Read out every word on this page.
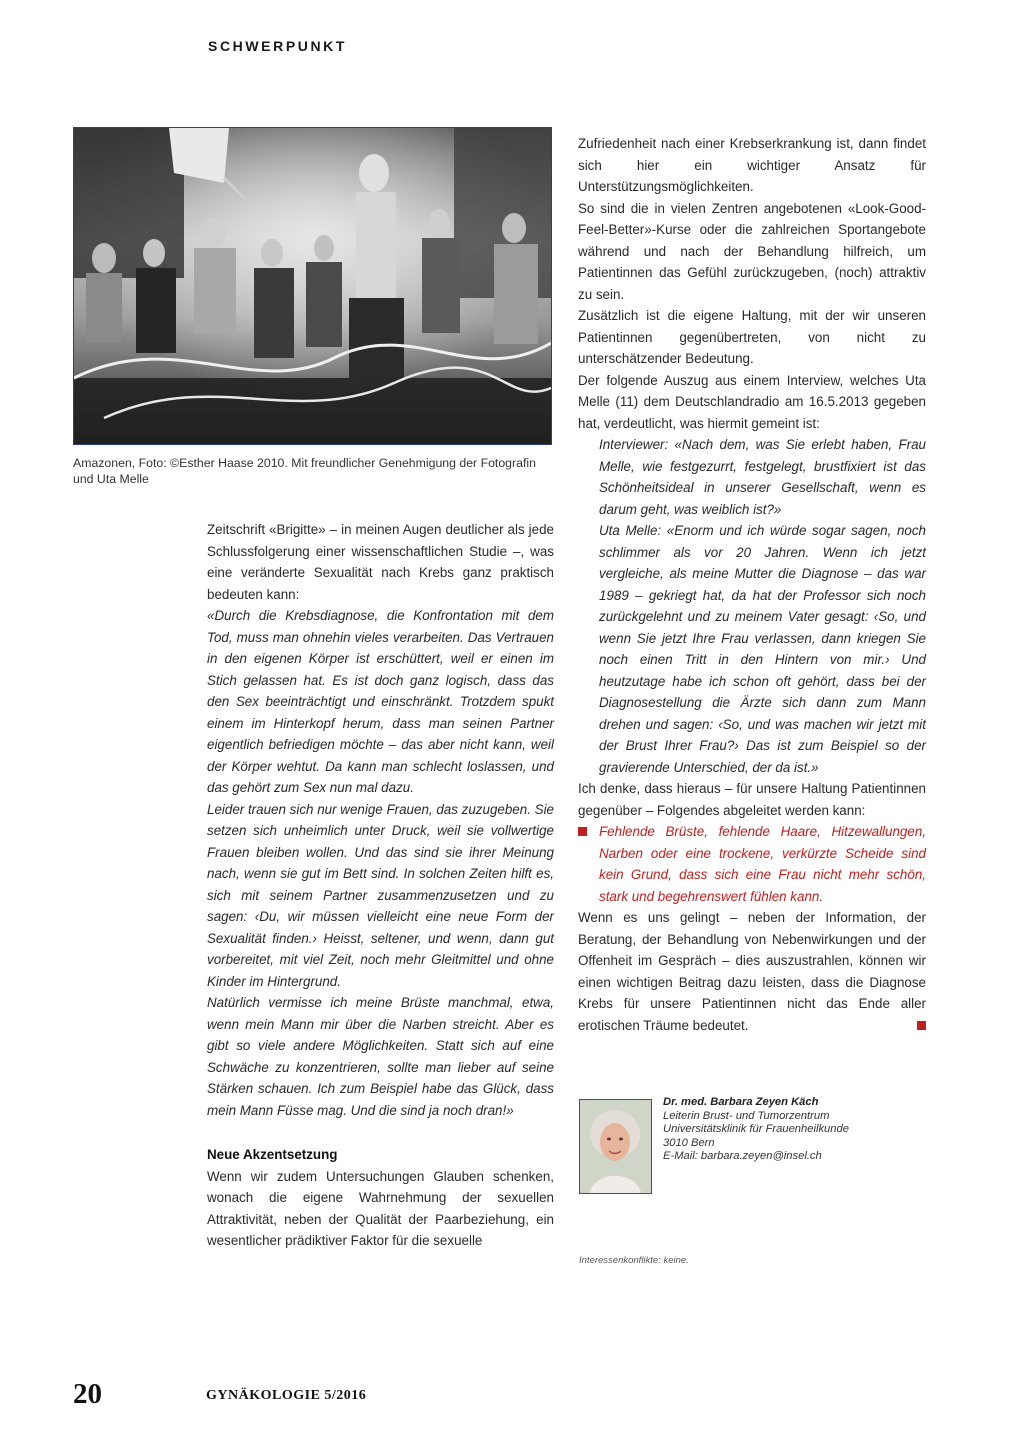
SCHWERPUNKT
Amazonen, Foto: ©Esther Haase 2010. Mit freundlicher Genehmigung der Fotografin und Uta Melle

Zeitschrift «Brigitte» – in meinen Augen deutlicher als jede Schlussfolgerung einer wissenschaftlichen Studie –, was eine veränderte Sexualität nach Krebs ganz praktisch bedeuten kann:

«Durch die Krebsdiagnose, die Konfrontation mit dem Tod, muss man ohnehin vieles verarbeiten. Das Vertrauen in den eigenen Körper ist erschüttert, weil er einen im Stich gelassen hat. Es ist doch ganz logisch, dass das den Sex beeinträchtigt und einschränkt. Trotzdem spukt einem im Hinterkopf herum, dass man seinen Partner eigentlich befriedigen möchte – das aber nicht kann, weil der Körper wehtut. Da kann man schlecht loslassen, und das gehört zum Sex nun mal dazu.

Leider trauen sich nur wenige Frauen, das zuzugeben. Sie setzen sich unheimlich unter Druck, weil sie vollwertige Frauen bleiben wollen. Und das sind sie ihrer Meinung nach, wenn sie gut im Bett sind. In solchen Zeiten hilft es, sich mit seinem Partner zusammenzusetzen und zu sagen: ‹Du, wir müssen vielleicht eine neue Form der Sexualität finden.› Heisst, seltener, und wenn, dann gut vorbereitet, mit viel Zeit, noch mehr Gleitmittel und ohne Kinder im Hintergrund.

Natürlich vermisse ich meine Brüste manchmal, etwa, wenn mein Mann mir über die Narben streicht. Aber es gibt so viele andere Möglichkeiten. Statt sich auf eine Schwäche zu konzentrieren, sollte man lieber auf seine Stärken schauen. Ich zum Beispiel habe das Glück, dass mein Mann Füsse mag. Und die sind ja noch dran!»

Neue Akzentsetzung

Wenn wir zudem Untersuchungen Glauben schenken, wonach die eigene Wahrnehmung der sexuellen Attraktivität, neben der Qualität der Paarbeziehung, ein wesentlicher prädiktiver Faktor für die sexuelle

Zufriedenheit nach einer Krebserkrankung ist, dann findet sich hier ein wichtiger Ansatz für Unterstützungsmöglichkeiten.

So sind die in vielen Zentren angebotenen «Look-Good-Feel-Better»-Kurse oder die zahlreichen Sportangebote während und nach der Behandlung hilfreich, um Patientinnen das Gefühl zurückzugeben, (noch) attraktiv zu sein.

Zusätzlich ist die eigene Haltung, mit der wir unseren Patientinnen gegenübertreten, von nicht zu unterschätzender Bedeutung.

Der folgende Auszug aus einem Interview, welches Uta Melle (11) dem Deutschlandradio am 16.5.2013 gegeben hat, verdeutlicht, was hiermit gemeint ist:

Interviewer: «Nach dem, was Sie erlebt haben, Frau Melle, wie festgezurrt, festgelegt, brustfixiert ist das Schönheitsideal in unserer Gesellschaft, wenn es darum geht, was weiblich ist?»

Uta Melle: «Enorm und ich würde sogar sagen, noch schlimmer als vor 20 Jahren. Wenn ich jetzt vergleiche, als meine Mutter die Diagnose – das war 1989 – gekriegt hat, da hat der Professor sich noch zurückgelehnt und zu meinem Vater gesagt: ‹So, und wenn Sie jetzt Ihre Frau verlassen, dann kriegen Sie noch einen Tritt in den Hintern von mir.› Und heutzutage habe ich schon oft gehört, dass bei der Diagnosestellung die Ärzte sich dann zum Mann drehen und sagen: ‹So, und was machen wir jetzt mit der Brust Ihrer Frau?› Das ist zum Beispiel so der gravierende Unterschied, der da ist.»

Ich denke, dass hieraus – für unsere Haltung Patientinnen gegenüber – Folgendes abgeleitet werden kann:

Fehlende Brüste, fehlende Haare, Hitzewallungen, Narben oder eine trockene, verkürzte Scheide sind kein Grund, dass sich eine Frau nicht mehr schön, stark und begehrenswert fühlen kann.

Wenn es uns gelingt – neben der Information, der Beratung, der Behandlung von Nebenwirkungen und der Offenheit im Gespräch – dies auszustrahlen, können wir einen wichtigen Beitrag dazu leisten, dass die Diagnose Krebs für unsere Patientinnen nicht das Ende aller erotischen Träume bedeutet.

Dr. med. Barbara Zeyen Käch
Leiterin Brust- und Tumorzentrum
Universitätsklinik für Frauenheilkunde
3010 Bern
E-Mail: barbara.zeyen@insel.ch
Interessenkonflikte: keine.
20	GYNÄKOLOGIE 5/2016
